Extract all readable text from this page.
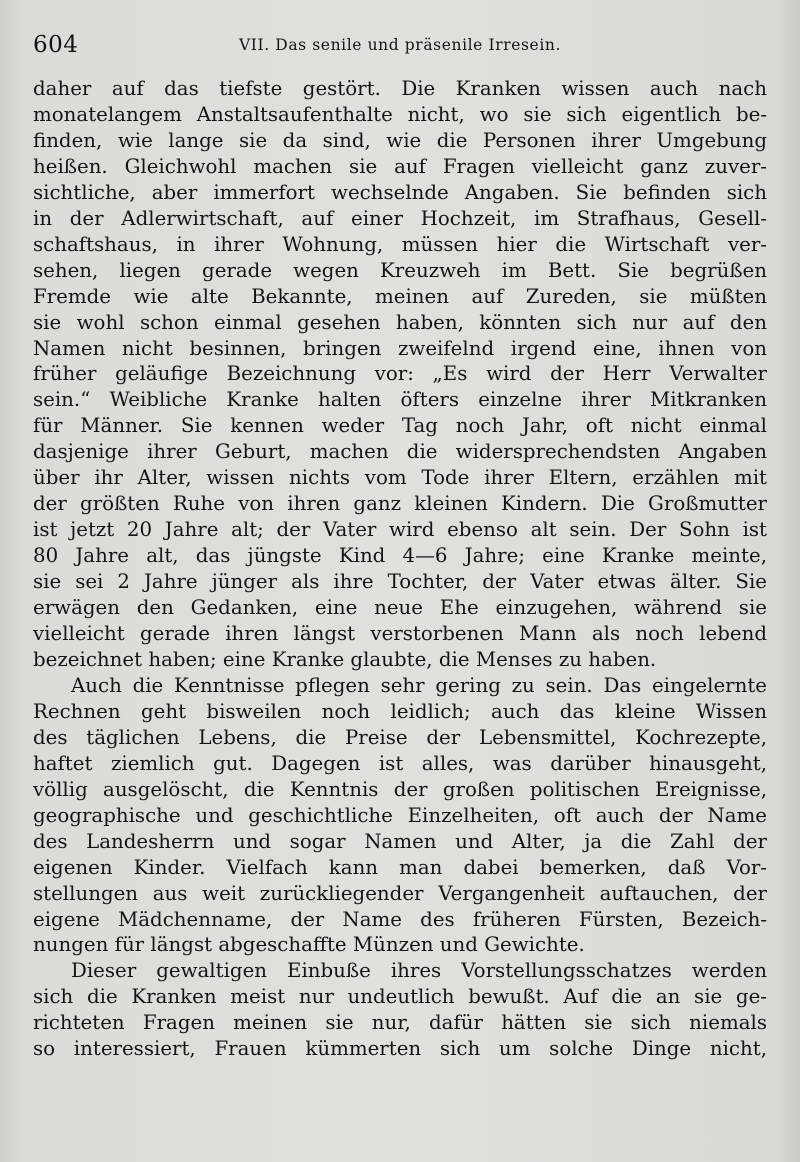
604	VII. Das senile und präsenile Irresein.

daher auf das tiefste gestört. Die Kranken wissen auch nach
monatelangem Anstaltsaufenthalte nicht, wo sie sich eigentlich be-
finden, wie lange sie da sind, wie die Personen ihrer Umgebung
heißen. Gleichwohl machen sie auf Fragen vielleicht ganz zuver-
sichtliche, aber immerfort wechselnde Angaben. Sie befinden sich
in der Adlerwirtschaft, auf einer Hochzeit, im Strafhaus, Gesell-
schaftshaus, in ihrer Wohnung, müssen hier die Wirtschaft ver-
sehen, liegen gerade wegen Kreuzweh im Bett. Sie begrüßen
Fremde wie alte Bekannte, meinen auf Zureden, sie müßten
sie wohl schon einmal gesehen haben, könnten sich nur auf den
Namen nicht besinnen, bringen zweifelnd irgend eine, ihnen von
früher geläufige Bezeichnung vor: „Es wird der Herr Verwalter
sein.“ Weibliche Kranke halten öfters einzelne ihrer Mitkranken
für Männer. Sie kennen weder Tag noch Jahr, oft nicht einmal
dasjenige ihrer Geburt, machen die widersprechendsten Angaben
über ihr Alter, wissen nichts vom Tode ihrer Eltern, erzählen mit
der größten Ruhe von ihren ganz kleinen Kindern. Die Großmutter
ist jetzt 20 Jahre alt; der Vater wird ebenso alt sein. Der Sohn ist
80 Jahre alt, das jüngste Kind 4—6 Jahre; eine Kranke meinte,
sie sei 2 Jahre jünger als ihre Tochter, der Vater etwas älter. Sie
erwägen den Gedanken, eine neue Ehe einzugehen, während sie
vielleicht gerade ihren längst verstorbenen Mann als noch lebend
bezeichnet haben; eine Kranke glaubte, die Menses zu haben.

Auch die Kenntnisse pflegen sehr gering zu sein. Das eingelernte
Rechnen geht bisweilen noch leidlich; auch das kleine Wissen
des täglichen Lebens, die Preise der Lebensmittel, Kochrezepte,
haftet ziemlich gut. Dagegen ist alles, was darüber hinausgeht,
völlig ausgelöscht, die Kenntnis der großen politischen Ereignisse,
geographische und geschichtliche Einzelheiten, oft auch der Name
des Landesherrn und sogar Namen und Alter, ja die Zahl der
eigenen Kinder. Vielfach kann man dabei bemerken, daß Vor-
stellungen aus weit zurückliegender Vergangenheit auftauchen, der
eigene Mädchenname, der Name des früheren Fürsten, Bezeich-
nungen für längst abgeschaffte Münzen und Gewichte.

Dieser gewaltigen Einbuße ihres Vorstellungsschatzes werden
sich die Kranken meist nur undeutlich bewußt. Auf die an sie ge-
richteten Fragen meinen sie nur, dafür hätten sie sich niemals
so interessiert, Frauen kümmerten sich um solche Dinge nicht,
